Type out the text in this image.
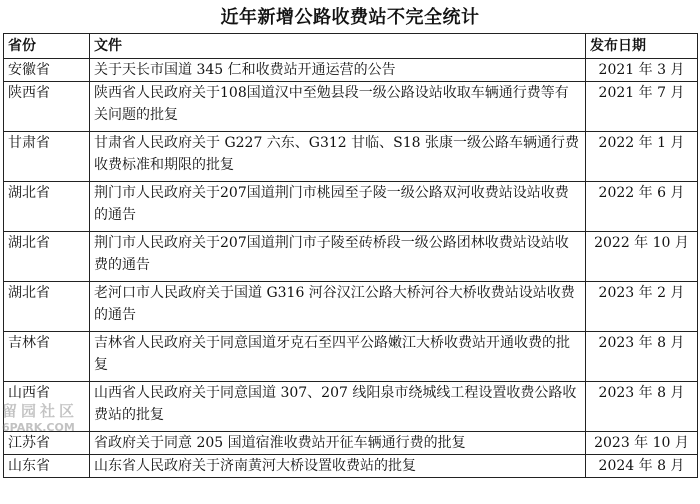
近年新增公路收费站不完全统计
省份	文件	发布日期
安徽省	关于天长市国道 345 仁和收费站开通运营的公告	2021 年 3 月
陕西省	陕西省人民政府关于108国道汉中至勉县段一级公路设站收取车辆通行费等有关问题的批复	2021 年 7 月
甘肃省	甘肃省人民政府关于 G227 六东、G312 甘临、S18 张康一级公路车辆通行费收费标准和期限的批复	2022 年 1 月
湖北省	荆门市人民政府关于207国道荆门市桃园至子陵一级公路双河收费站设站收费的通告	2022 年 6 月
湖北省	荆门市人民政府关于207国道荆门市子陵至砖桥段一级公路团林收费站设站收费的通告	2022 年 10 月
湖北省	老河口市人民政府关于国道 G316 河谷汉江公路大桥河谷大桥收费站设站收费的通告	2023 年 2 月
吉林省	吉林省人民政府关于同意国道牙克石至四平公路嫩江大桥收费站开通收费的批复	2023 年 8 月
山西省	山西省人民政府关于同意国道 307、207 线阳泉市绕城线工程设置收费公路收费站的批复	2023 年 8 月
江苏省	省政府关于同意 205 国道宿淮收费站开征车辆通行费的批复	2023 年 10 月
山东省	山东省人民政府关于济南黄河大桥设置收费站的批复	2024 年 8 月
留园社区
6PARK.COM
